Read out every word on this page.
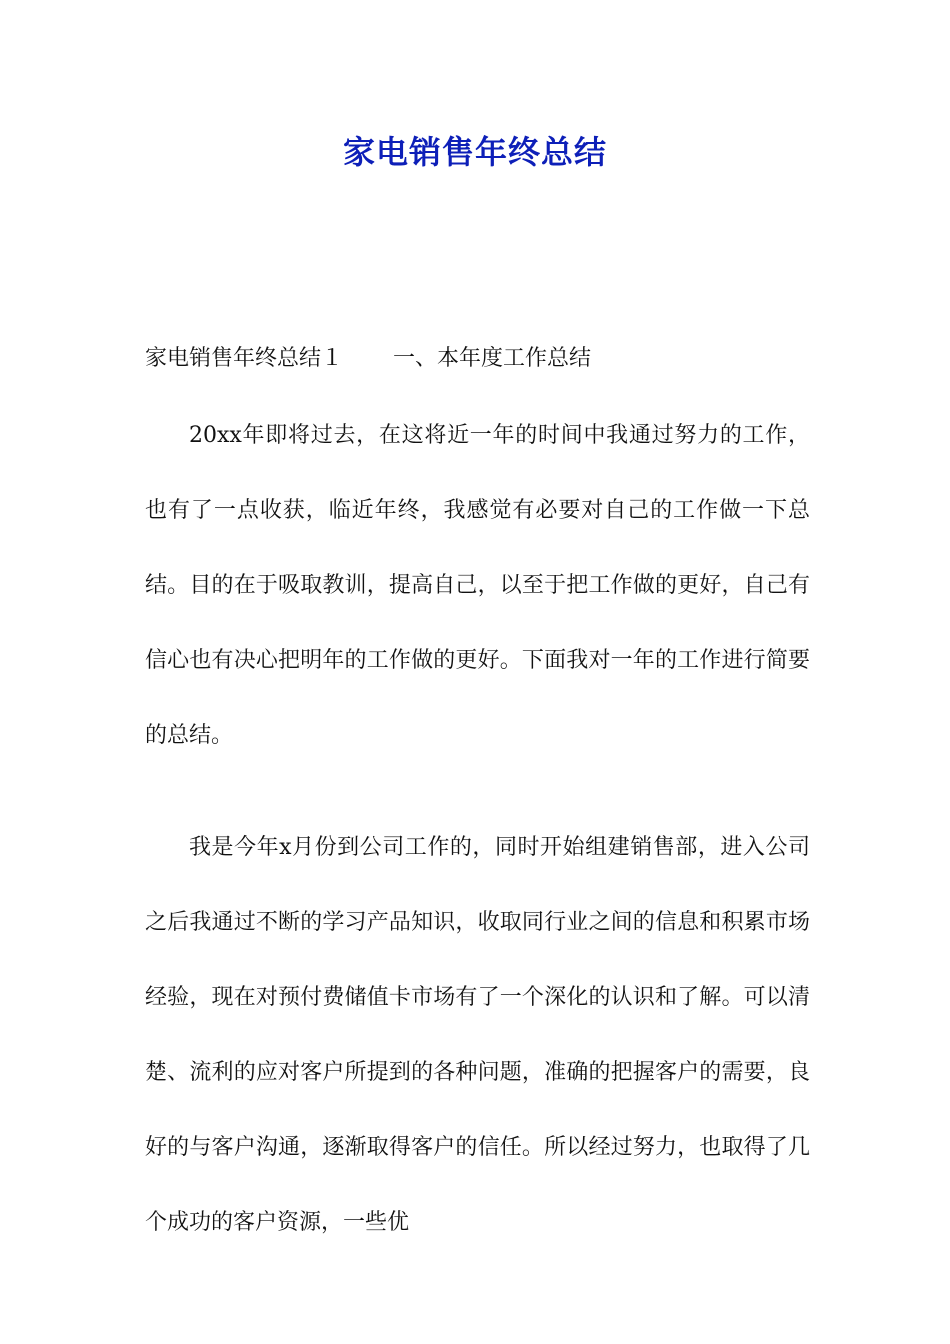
家电销售年终总结

家电销售年终总结１ 一、本年度工作总结

20xx年即将过去，在这将近一年的时间中我通过努力的工作，也有了一点收获，临近年终，我感觉有必要对自己的工作做一下总结。目的在于吸取教训，提高自己，以至于把工作做的更好，自己有信心也有决心把明年的工作做的更好。下面我对一年的工作进行简要的总结。

我是今年x月份到公司工作的，同时开始组建销售部，进入公司之后我通过不断的学习产品知识，收取同行业之间的信息和积累市场经验，现在对预付费储值卡市场有了一个深化的认识和了解。可以清楚、流利的应对客户所提到的各种问题，准确的把握客户的需要，良好的与客户沟通，逐渐取得客户的信任。所以经过努力，也取得了几个成功的客户资源，一些优
